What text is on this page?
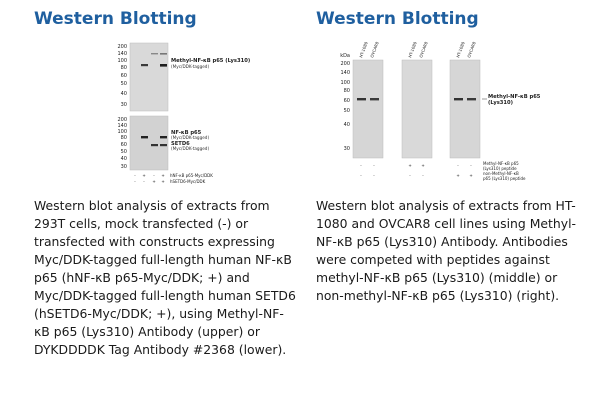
Western Blotting
200
140
100
80
60
50
40
30
Methyl-NF-κB p65 (Lys310)
(Myc/DDK-tagged)
200
140
100
80
60
50
40
30
NF-κB p65
(Myc/DDK-tagged)
SETD6
(Myc/DDK-tagged)
- + - + hNF-κB p65-Myc/DDK
- - + + hSETD6-Myc/DDK

Western blot analysis of extracts from 293T cells, mock transfected (-) or transfected with constructs expressing Myc/DDK-tagged full-length human NF-κB p65 (hNF-κB p65-Myc/DDK; +) and Myc/DDK-tagged full-length human SETD6 (hSETD6-Myc/DDK; +), using Methyl-NF-κB p65 (Lys310) Antibody (upper) or DYKDDDDK Tag Antibody #2368 (lower).

Western Blotting
HT-1080 OVCAR8	HT-1080 OVCAR8	HT-1080 OVCAR8
kDa
200
140
100
80
60
50
40
30
Methyl-NF-κB p65
(Lys310)
-	-	+ +	-	-	Methyl-NF-κB p65
(Lys310) peptide
-	-	-	-	+ +	non-Methyl-NF-κB
p65 (Lys310) peptide

Western blot analysis of extracts from HT-1080 and OVCAR8 cell lines using Methyl-NF-κB p65 (Lys310) Antibody. Antibodies were competed with peptides against methyl-NF-κB p65 (Lys310) (middle) or non-methyl-NF-κB p65 (Lys310) (right).
